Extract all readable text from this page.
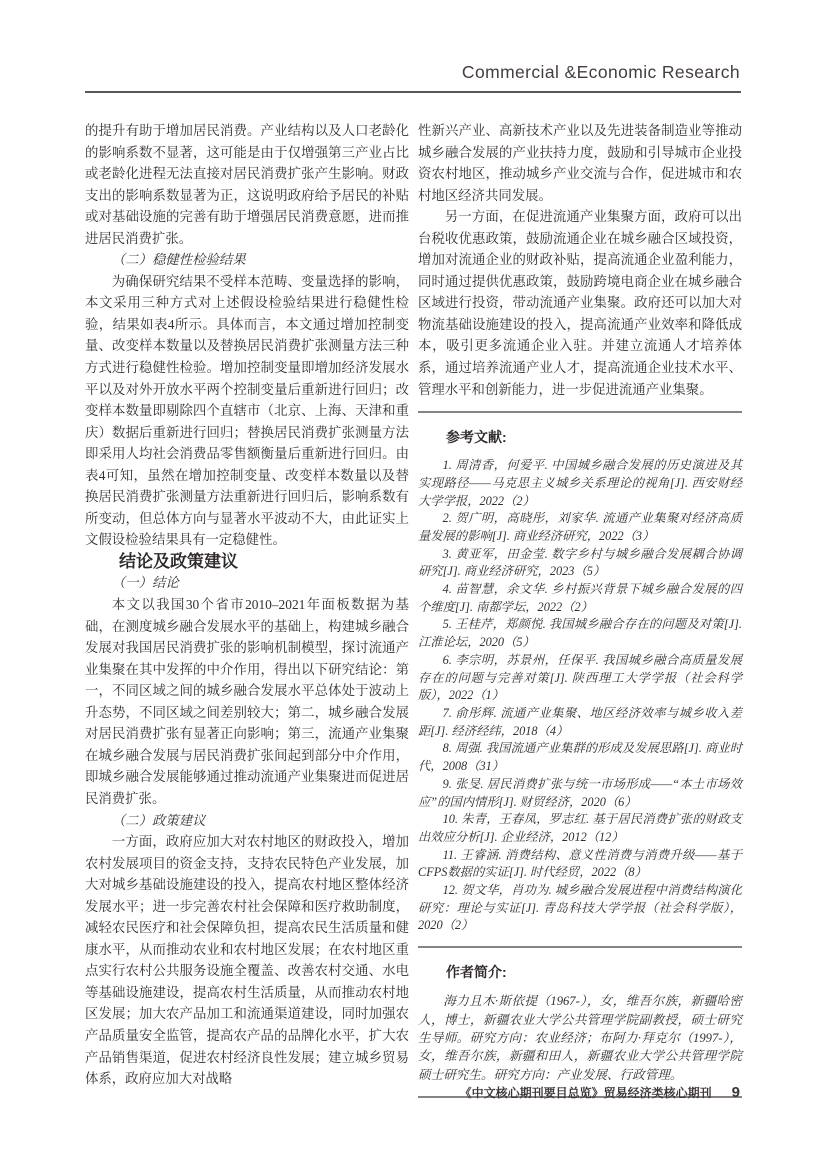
Commercial &Economic Research

的提升有助于增加居民消费。产业结构以及人口老龄化的影响系数不显著，这可能是由于仅增强第三产业占比或老龄化进程无法直接对居民消费扩张产生影响。财政支出的影响系数显著为正，这说明政府给予居民的补贴或对基础设施的完善有助于增强居民消费意愿，进而推进居民消费扩张。

（二）稳健性检验结果

为确保研究结果不受样本范畴、变量选择的影响，本文采用三种方式对上述假设检验结果进行稳健性检验，结果如表4所示。具体而言，本文通过增加控制变量、改变样本数量以及替换居民消费扩张测量方法三种方式进行稳健性检验。增加控制变量即增加经济发展水平以及对外开放水平两个控制变量后重新进行回归；改变样本数量即剔除四个直辖市（北京、上海、天津和重庆）数据后重新进行回归；替换居民消费扩张测量方法即采用人均社会消费品零售额衡量后重新进行回归。由表4可知，虽然在增加控制变量、改变样本数量以及替换居民消费扩张测量方法重新进行回归后，影响系数有所变动，但总体方向与显著水平波动不大，由此证实上文假设检验结果具有一定稳健性。

结论及政策建议

（一）结论

本文以我国30个省市2010–2021年面板数据为基础，在测度城乡融合发展水平的基础上，构建城乡融合发展对我国居民消费扩张的影响机制模型，探讨流通产业集聚在其中发挥的中介作用，得出以下研究结论：第一，不同区域之间的城乡融合发展水平总体处于波动上升态势，不同区域之间差别较大；第二，城乡融合发展对居民消费扩张有显著正向影响；第三，流通产业集聚在城乡融合发展与居民消费扩张间起到部分中介作用，即城乡融合发展能够通过推动流通产业集聚进而促进居民消费扩张。

（二）政策建议

一方面，政府应加大对农村地区的财政投入，增加农村发展项目的资金支持，支持农民特色产业发展，加大对城乡基础设施建设的投入，提高农村地区整体经济发展水平；进一步完善农村社会保障和医疗救助制度，减轻农民医疗和社会保障负担，提高农民生活质量和健康水平，从而推动农业和农村地区发展；在农村地区重点实行农村公共服务设施全覆盖、改善农村交通、水电等基础设施建设，提高农村生活质量，从而推动农村地区发展；加大农产品加工和流通渠道建设，同时加强农产品质量安全监管，提高农产品的品牌化水平，扩大农产品销售渠道，促进农村经济良性发展；建立城乡贸易体系，政府应加大对战略

性新兴产业、高新技术产业以及先进装备制造业等推动城乡融合发展的产业扶持力度，鼓励和引导城市企业投资农村地区，推动城乡产业交流与合作，促进城市和农村地区经济共同发展。

另一方面，在促进流通产业集聚方面，政府可以出台税收优惠政策，鼓励流通企业在城乡融合区域投资，增加对流通企业的财政补贴，提高流通企业盈利能力，同时通过提供优惠政策，鼓励跨境电商企业在城乡融合区域进行投资，带动流通产业集聚。政府还可以加大对物流基础设施建设的投入，提高流通产业效率和降低成本，吸引更多流通企业入驻。并建立流通人才培养体系，通过培养流通产业人才，提高流通企业技术水平、管理水平和创新能力，进一步促进流通产业集聚。

参考文献:

1. 周清香，何爱平. 中国城乡融合发展的历史演进及其实现路径——马克思主义城乡关系理论的视角[J]. 西安财经大学学报，2022（2）

2. 贺广明，高晓彤，刘家华. 流通产业集聚对经济高质量发展的影响[J]. 商业经济研究，2022（3）

3. 黄亚军，田金莹. 数字乡村与城乡融合发展耦合协调研究[J]. 商业经济研究，2023（5）

4. 苗智慧，余文华. 乡村振兴背景下城乡融合发展的四个维度[J]. 南都学坛，2022（2）

5. 王桂芹，郑颜悦. 我国城乡融合存在的问题及对策[J]. 江淮论坛，2020（5）

6. 李宗明，苏景州，任保平. 我国城乡融合高质量发展存在的问题与完善对策[J]. 陕西理工大学学报（社会科学版），2022（1）

7. 俞彤辉. 流通产业集聚、地区经济效率与城乡收入差距[J]. 经济经纬，2018（4）

8. 周强. 我国流通产业集群的形成及发展思路[J]. 商业时代，2008（31）

9. 张旻. 居民消费扩张与统一市场形成——“本土市场效应”的国内情形[J]. 财贸经济，2020（6）

10. 朱青，王春凤，罗志红. 基于居民消费扩张的财政支出效应分析[J]. 企业经济，2012（12）

11. 王睿涵. 消费结构、意义性消费与消费升级——基于CFPS数据的实证[J]. 时代经贸，2022（8）

12. 贺文华，肖功为. 城乡融合发展进程中消费结构演化研究：理论与实证[J]. 青岛科技大学学报（社会科学版），2020（2）

作者简介:

海力且木·斯依提（1967-），女，维吾尔族，新疆哈密人，博士，新疆农业大学公共管理学院副教授，硕士研究生导师。研究方向：农业经济；布阿力·拜克尔（1997-），女，维吾尔族，新疆和田人，新疆农业大学公共管理学院硕士研究生。研究方向：产业发展、行政管理。

《中文核心期刊要目总览》贸易经济类核心期刊 9
